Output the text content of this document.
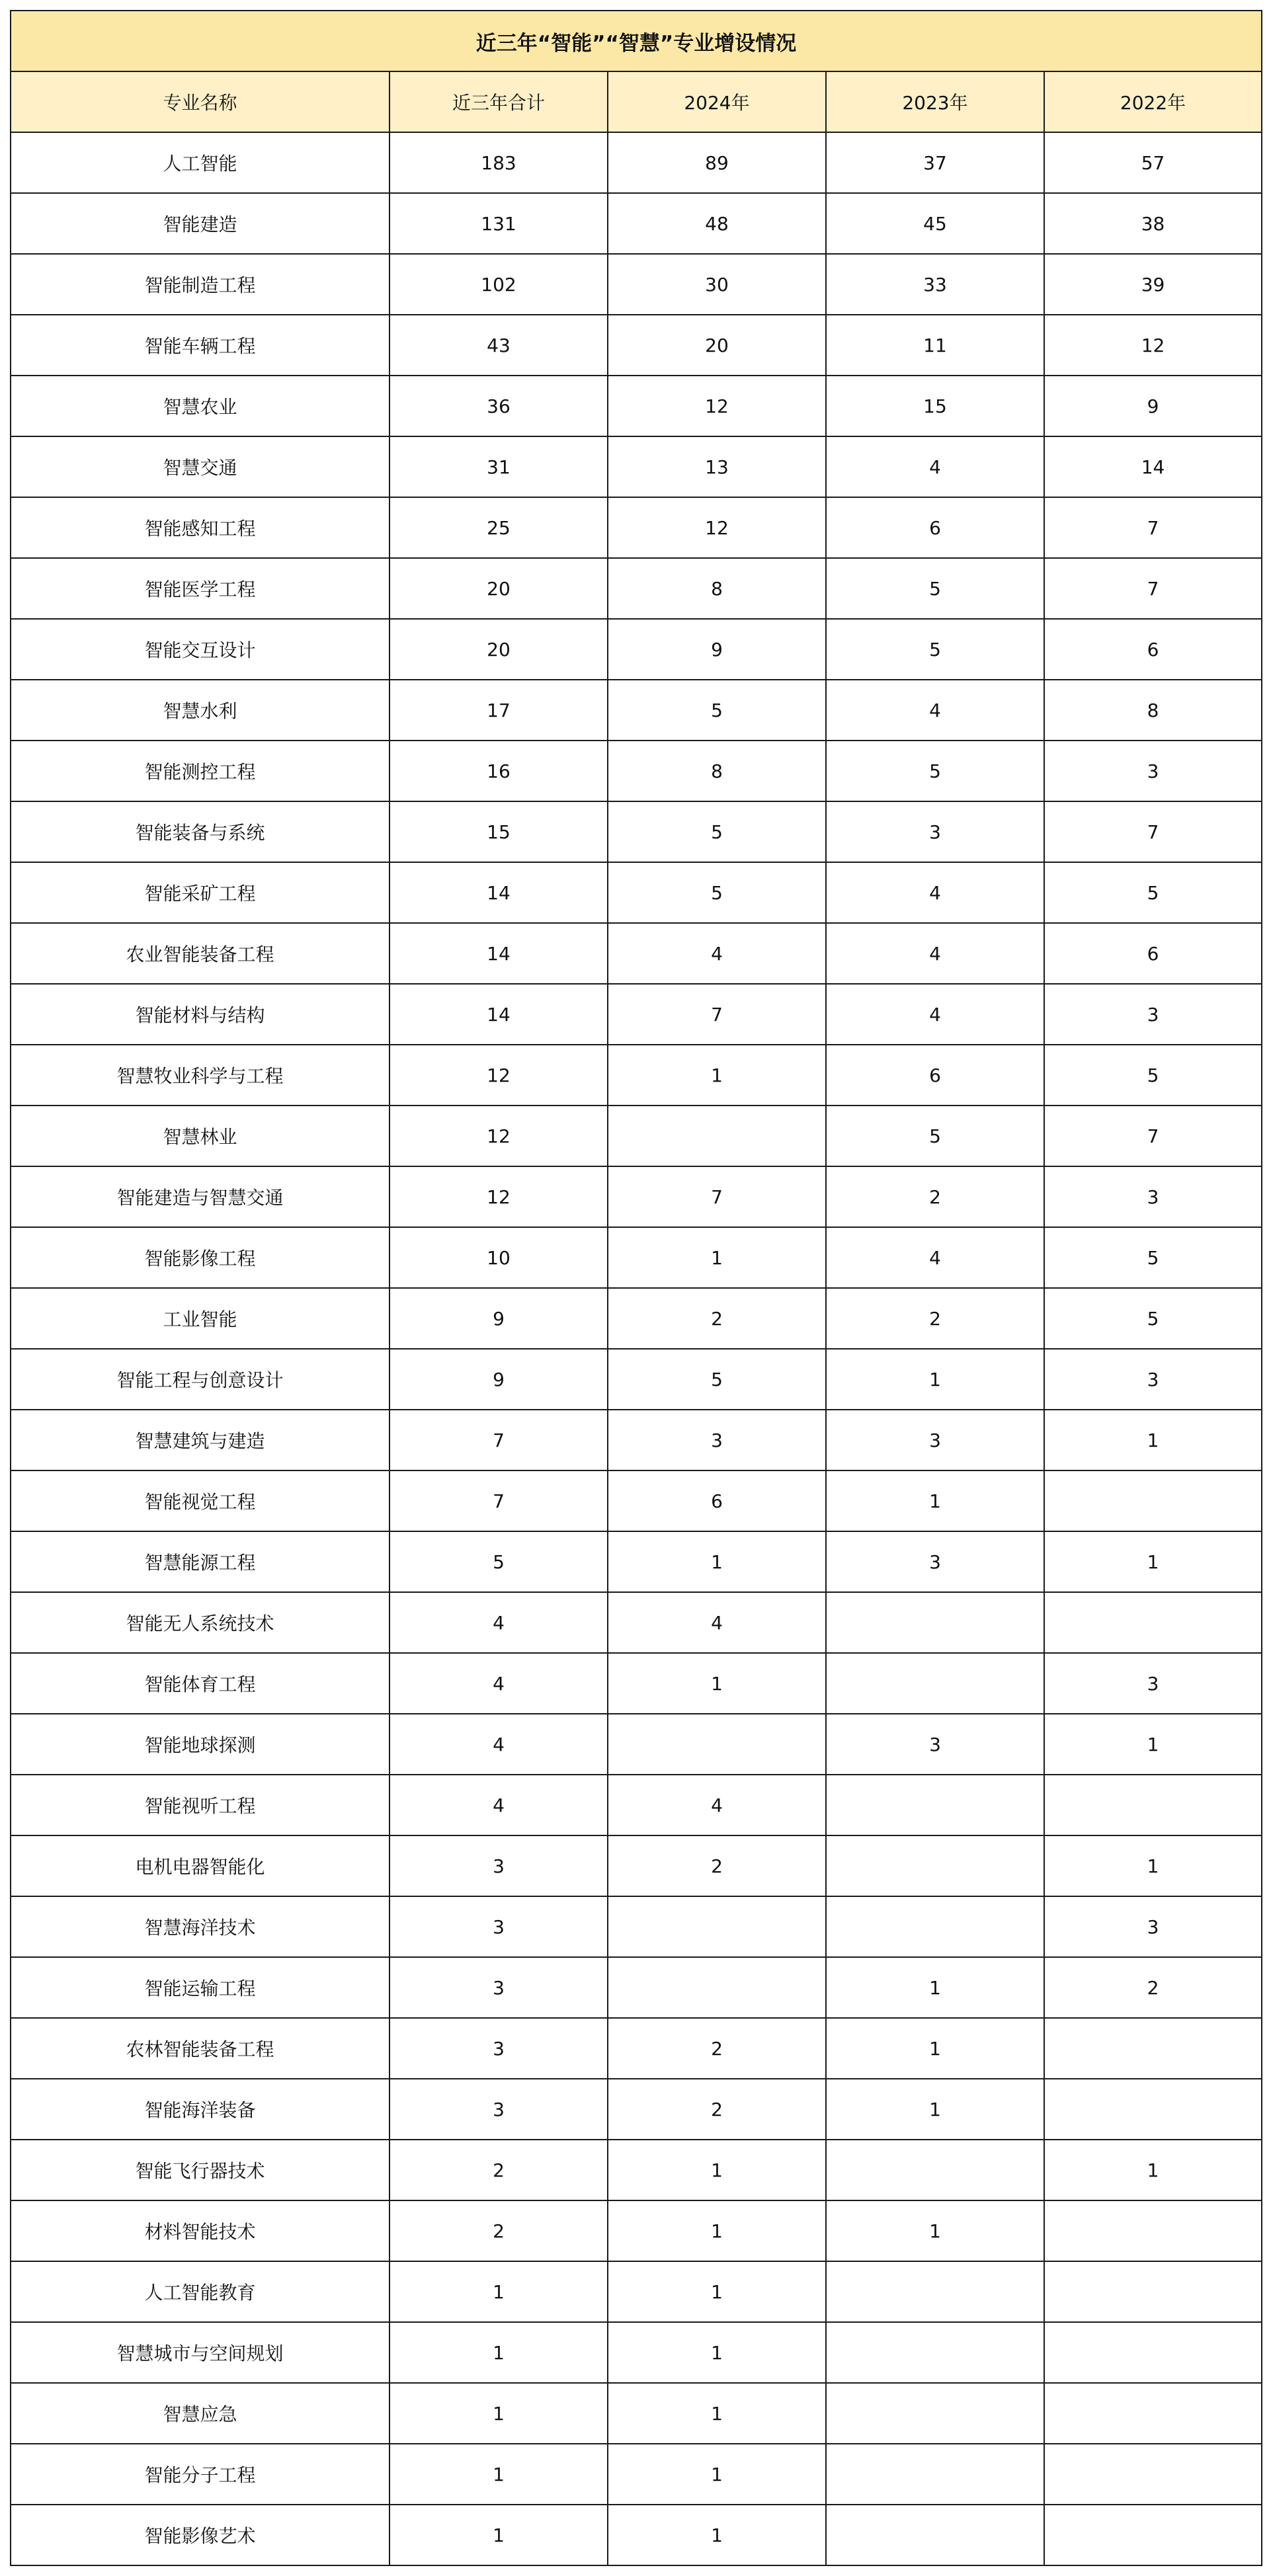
近三年“智能”“智慧”专业增设情况				
专业名称	近三年合计	2024年	2023年	2022年
人工智能	183	89	37	57
智能建造	131	48	45	38
智能制造工程	102	30	33	39
智能车辆工程	43	20	11	12
智慧农业	36	12	15	9
智慧交通	31	13	4	14
智能感知工程	25	12	6	7
智能医学工程	20	8	5	7
智能交互设计	20	9	5	6
智慧水利	17	5	4	8
智能测控工程	16	8	5	3
智能装备与系统	15	5	3	7
智能采矿工程	14	5	4	5
农业智能装备工程	14	4	4	6
智能材料与结构	14	7	4	3
智慧牧业科学与工程	12	1	6	5
智慧林业	12		5	7
智能建造与智慧交通	12	7	2	3
智能影像工程	10	1	4	5
工业智能	9	2	2	5
智能工程与创意设计	9	5	1	3
智慧建筑与建造	7	3	3	1
智能视觉工程	7	6	1	
智慧能源工程	5	1	3	1
智能无人系统技术	4	4		
智能体育工程	4	1		3
智能地球探测	4		3	1
智能视听工程	4	4		
电机电器智能化	3	2		1
智慧海洋技术	3			3
智能运输工程	3		1	2
农林智能装备工程	3	2	1	
智能海洋装备	3	2	1	
智能飞行器技术	2	1		1
材料智能技术	2	1	1	
人工智能教育	1	1		
智慧城市与空间规划	1	1		
智慧应急	1	1		
智能分子工程	1	1		
智能影像艺术	1	1		
